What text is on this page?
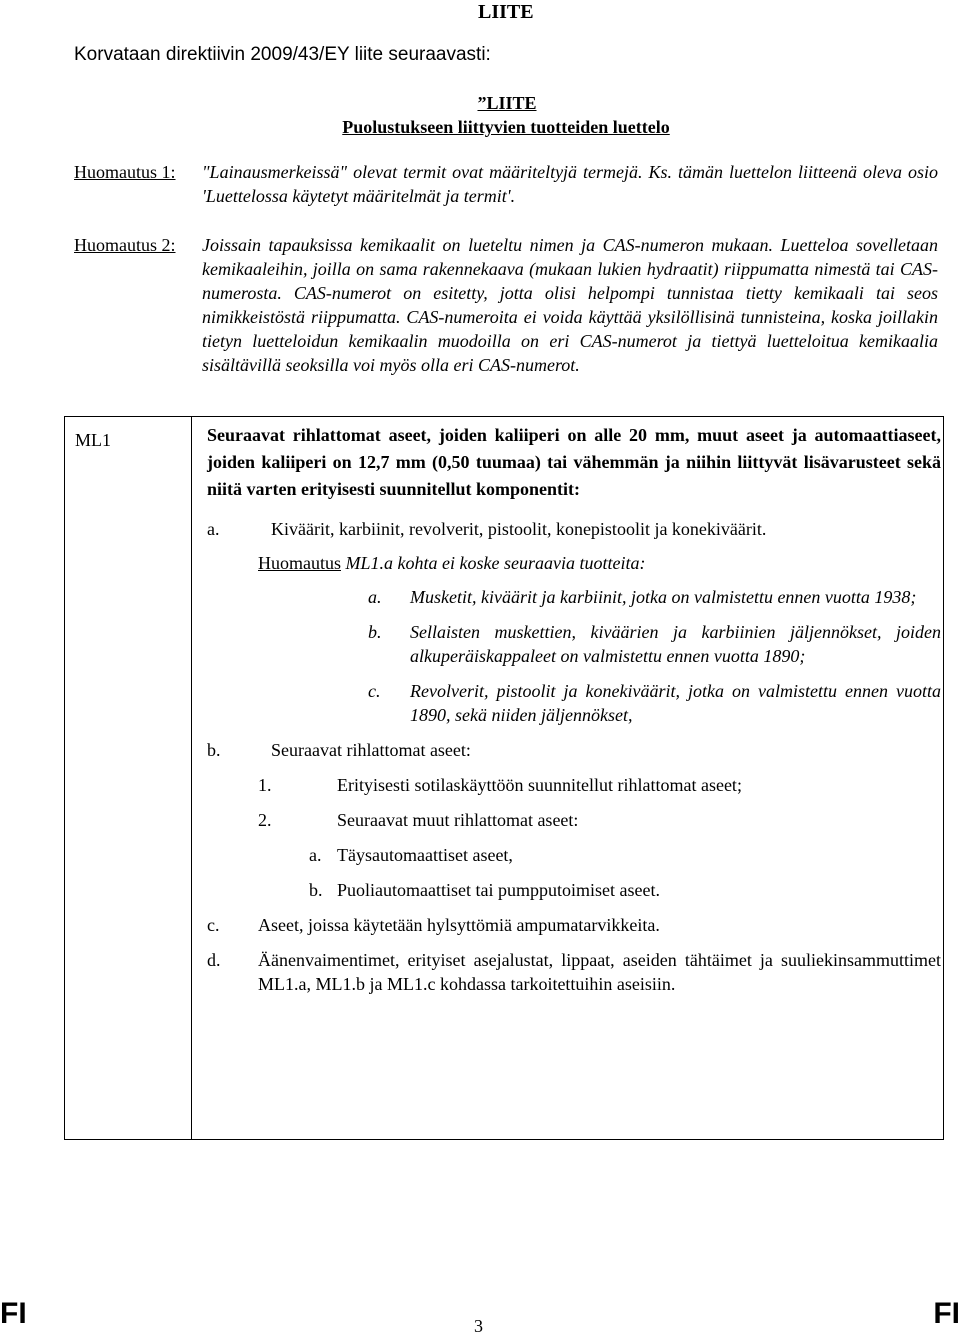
LIITE
Korvataan direktiivin 2009/43/EY liite seuraavasti:
”LIITE
Puolustukseen liittyvien tuotteiden luettelo
Huomautus 1:	"Lainausmerkeissä" olevat termit ovat määriteltyjä termejä. Ks. tämän luettelon liitteenä oleva osio 'Luettelossa käytetyt määritelmät ja termit'.
Huomautus 2:	Joissain tapauksissa kemikaalit on lueteltu nimen ja CAS-numeron mukaan. Luetteloa sovelletaan kemikaaleihin, joilla on sama rakennekaava (mukaan lukien hydraatit) riippumatta nimestä tai CAS-numerosta. CAS-numerot on esitetty, jotta olisi helpompi tunnistaa tietty kemikaali tai seos nimikkeistöstä riippumatta. CAS-numeroita ei voida käyttää yksilöllisinä tunnisteina, koska joillakin tietyn luetteloidun kemikaalin muodoilla on eri CAS-numerot ja tiettyä luetteloitua kemikaalia sisältävillä seoksilla voi myös olla eri CAS-numerot.
ML1	Seuraavat rihlattomat aseet, joiden kaliiperi on alle 20 mm, muut aseet ja automaattiaseet, joiden kaliiperi on 12,7 mm (0,50 tuumaa) tai vähemmän ja niihin liittyvät lisävarusteet sekä niitä varten erityisesti suunnitellut komponentit:

a.	Kiväärit, karbiinit, revolverit, pistoolit, konepistoolit ja konekiväärit.
Huomautus ML1.a kohta ei koske seuraavia tuotteita:
a.	Musketit, kiväärit ja karbiinit, jotka on valmistettu ennen vuotta 1938;
b.	Sellaisten muskettien, kiväärien ja karbiinien jäljennökset, joiden alkuperäiskappaleet on valmistettu ennen vuotta 1890;
c.	Revolverit, pistoolit ja konekiväärit, jotka on valmistettu ennen vuotta 1890, sekä niiden jäljennökset,
b.	Seuraavat rihlattomat aseet:
1.	Erityisesti sotilaskäyttöön suunnitellut rihlattomat aseet;
2.	Seuraavat muut rihlattomat aseet:
a. Täysautomaattiset aseet,
b. Puoliautomaattiset tai pumpputoimiset aseet.
c.	Aseet, joissa käytetään hylsyttömiä ampumatarvikkeita.
d.	Äänenvaimentimet, erityiset asejalustat, lippaat, aseiden tähtäimet ja suuliekinsammuttimet ML1.a, ML1.b ja ML1.c kohdassa tarkoitettuihin aseisiin.
FI	3	FI
